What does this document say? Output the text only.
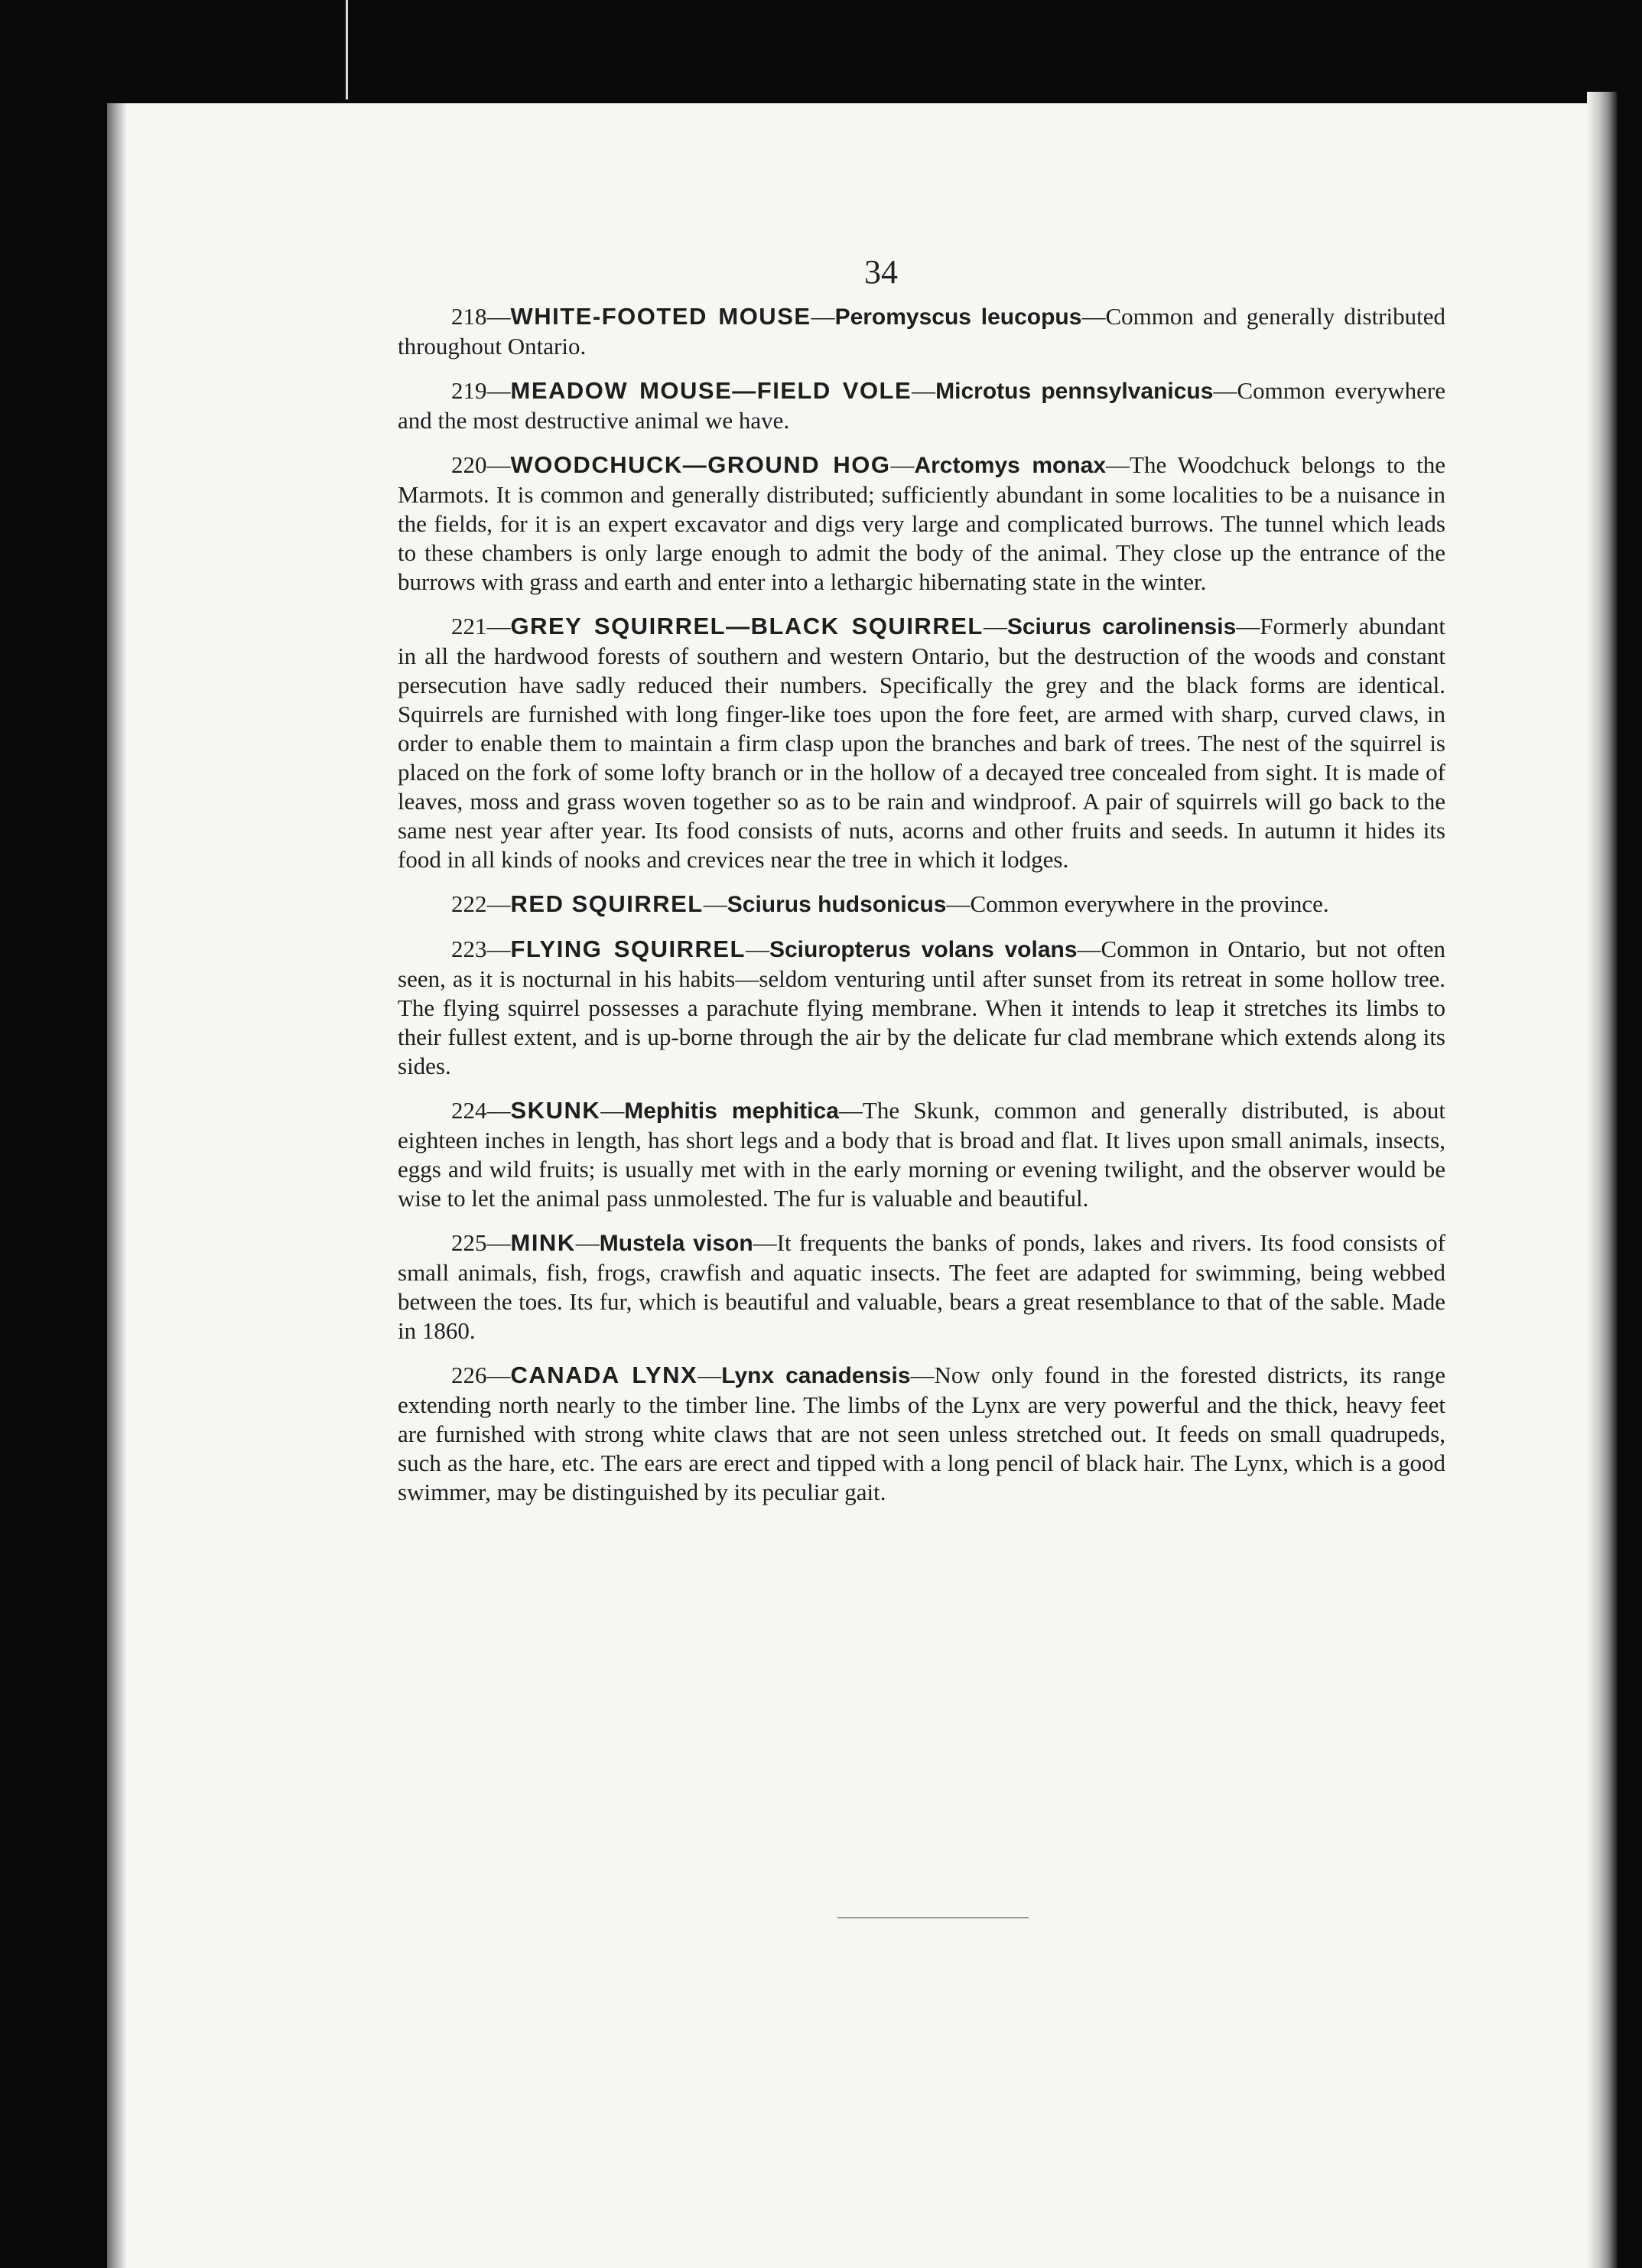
34

218—WHITE-FOOTED MOUSE—Peromyscus leucopus—Common and generally distributed throughout Ontario.

219—MEADOW MOUSE—FIELD VOLE—Microtus pennsylvanicus—Common everywhere and the most destructive animal we have.

220—WOODCHUCK—GROUND HOG—Arctomys monax—The Woodchuck belongs to the Marmots. It is common and generally distributed; sufficiently abundant in some localities to be a nuisance in the fields, for it is an expert excavator and digs very large and complicated burrows. The tunnel which leads to these chambers is only large enough to admit the body of the animal. They close up the entrance of the burrows with grass and earth and enter into a lethargic hibernating state in the winter.

221—GREY SQUIRREL—BLACK SQUIRREL—Sciurus carolinensis—Formerly abundant in all the hardwood forests of southern and western Ontario, but the destruction of the woods and constant persecution have sadly reduced their numbers. Specifically the grey and the black forms are identical. Squirrels are furnished with long finger-like toes upon the fore feet, are armed with sharp, curved claws, in order to enable them to maintain a firm clasp upon the branches and bark of trees. The nest of the squirrel is placed on the fork of some lofty branch or in the hollow of a decayed tree concealed from sight. It is made of leaves, moss and grass woven together so as to be rain and windproof. A pair of squirrels will go back to the same nest year after year. Its food consists of nuts, acorns and other fruits and seeds. In autumn it hides its food in all kinds of nooks and crevices near the tree in which it lodges.

222—RED SQUIRREL—Sciurus hudsonicus—Common everywhere in the province.

223—FLYING SQUIRREL—Sciuropterus volans volans—Common in Ontario, but not often seen, as it is nocturnal in his habits—seldom venturing until after sunset from its retreat in some hollow tree. The flying squirrel possesses a parachute flying membrane. When it intends to leap it stretches its limbs to their fullest extent, and is up-borne through the air by the delicate fur clad membrane which extends along its sides.

224—SKUNK—Mephitis mephitica—The Skunk, common and generally distributed, is about eighteen inches in length, has short legs and a body that is broad and flat. It lives upon small animals, insects, eggs and wild fruits; is usually met with in the early morning or evening twilight, and the observer would be wise to let the animal pass unmolested. The fur is valuable and beautiful.

225—MINK—Mustela vison—It frequents the banks of ponds, lakes and rivers. Its food consists of small animals, fish, frogs, crawfish and aquatic insects. The feet are adapted for swimming, being webbed between the toes. Its fur, which is beautiful and valuable, bears a great resemblance to that of the sable. Made in 1860.

226—CANADA LYNX—Lynx canadensis—Now only found in the forested districts, its range extending north nearly to the timber line. The limbs of the Lynx are very powerful and the thick, heavy feet are furnished with strong white claws that are not seen unless stretched out. It feeds on small quadrupeds, such as the hare, etc. The ears are erect and tipped with a long pencil of black hair. The Lynx, which is a good swimmer, may be distinguished by its peculiar gait.
